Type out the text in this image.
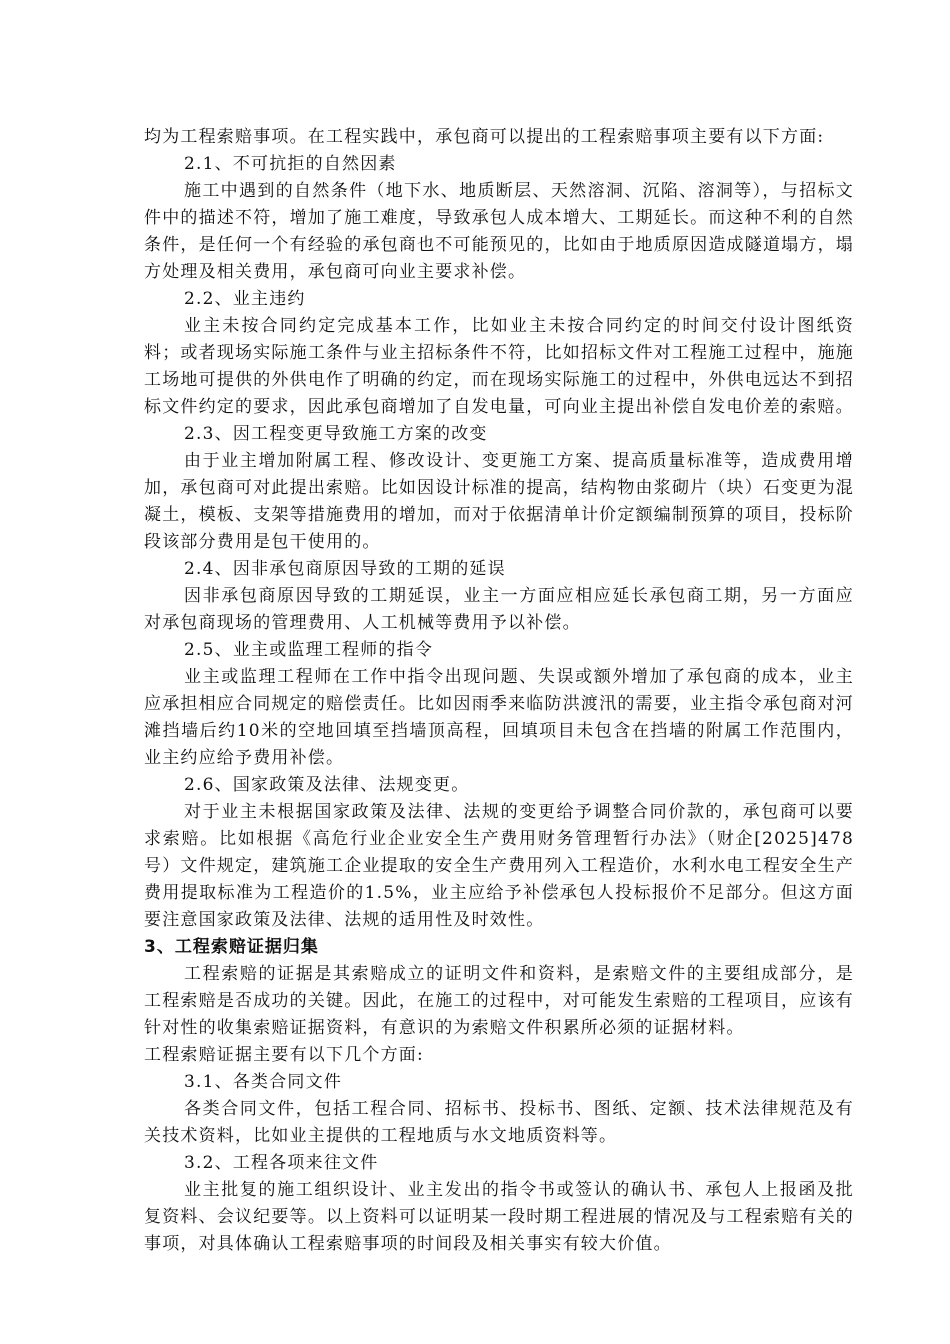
均为工程索赔事项。在工程实践中，承包商可以提出的工程索赔事项主要有以下方面:

2.1、不可抗拒的自然因素

施工中遇到的自然条件（地下水、地质断层、天然溶洞、沉陷、溶洞等），与招标文件中的描述不符，增加了施工难度，导致承包人成本增大、工期延长。而这种不利的自然条件，是任何一个有经验的承包商也不可能预见的，比如由于地质原因造成隧道塌方，塌方处理及相关费用，承包商可向业主要求补偿。

2.2、业主违约

业主未按合同约定完成基本工作，比如业主未按合同约定的时间交付设计图纸资料；或者现场实际施工条件与业主招标条件不符，比如招标文件对工程施工过程中，施施工场地可提供的外供电作了明确的约定，而在现场实际施工的过程中，外供电远达不到招标文件约定的要求，因此承包商增加了自发电量，可向业主提出补偿自发电价差的索赔。

2.3、因工程变更导致施工方案的改变

由于业主增加附属工程、修改设计、变更施工方案、提高质量标准等，造成费用增加，承包商可对此提出索赔。比如因设计标准的提高，结构物由浆砌片（块）石变更为混凝土，模板、支架等措施费用的增加，而对于依据清单计价定额编制预算的项目，投标阶段该部分费用是包干使用的。

2.4、因非承包商原因导致的工期的延误

因非承包商原因导致的工期延误，业主一方面应相应延长承包商工期，另一方面应对承包商现场的管理费用、人工机械等费用予以补偿。

2.5、业主或监理工程师的指令

业主或监理工程师在工作中指令出现问题、失误或额外增加了承包商的成本，业主应承担相应合同规定的赔偿责任。比如因雨季来临防洪渡汛的需要，业主指令承包商对河滩挡墙后约10米的空地回填至挡墙顶高程，回填项目未包含在挡墙的附属工作范围内，业主约应给予费用补偿。

2.6、国家政策及法律、法规变更。

对于业主未根据国家政策及法律、法规的变更给予调整合同价款的，承包商可以要求索赔。比如根据《高危行业企业安全生产费用财务管理暂行办法》（财企[2025]478号）文件规定，建筑施工企业提取的安全生产费用列入工程造价，水利水电工程安全生产费用提取标准为工程造价的1.5%，业主应给予补偿承包人投标报价不足部分。但这方面要注意国家政策及法律、法规的适用性及时效性。

3、工程索赔证据归集

工程索赔的证据是其索赔成立的证明文件和资料，是索赔文件的主要组成部分，是工程索赔是否成功的关键。因此，在施工的过程中，对可能发生索赔的工程项目，应该有针对性的收集索赔证据资料，有意识的为索赔文件积累所必须的证据材料。

工程索赔证据主要有以下几个方面:

3.1、各类合同文件

各类合同文件，包括工程合同、招标书、投标书、图纸、定额、技术法律规范及有关技术资料，比如业主提供的工程地质与水文地质资料等。

3.2、工程各项来往文件

业主批复的施工组织设计、业主发出的指令书或签认的确认书、承包人上报函及批复资料、会议纪要等。以上资料可以证明某一段时期工程进展的情况及与工程索赔有关的事项，对具体确认工程索赔事项的时间段及相关事实有较大价值。
